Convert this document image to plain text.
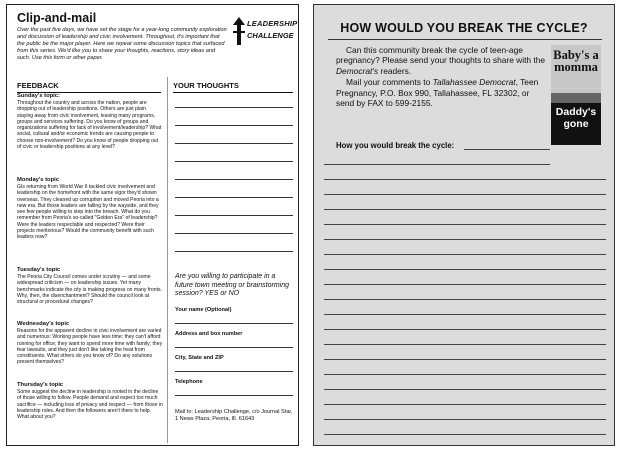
Clip-and-mail
Over the past five days, we have set the stage for a year-long community exploration and discussion of leadership and civic involvement. Throughout, it's important that the public be the major player. Here we repeat some discussion topics that surfaced from this series. We'd like you to share your thoughts, reactions, story ideas and such. Use this form or other paper.
LEADERSHIP
CHALLENGE
FEEDBACK	YOUR THOUGHTS
Sunday's topic:
Throughout the country and across the nation, people are dropping out of leadership positions. Others are just plain staying away from civic involvement, leaving many programs, groups and services suffering. Do you know of groups and organizations suffering for lack of involvement/leadership? What social, cultural and/or economic trends are causing people to choose non-involvement? Do you know of people dropping out of civic or leadership positions at any level?
Monday's topic
GIs returning from World War II tackled civic involvement and leadership on the homefront with the same vigor they'd shown overseas. They cleaned up corruption and moved Peoria into a new era. But those leaders are falling by the wayside, and they see few people willing to step into the breach. What do you remember from Peoria's so-called "Golden Era" of leadership? Were the leaders respectable and respected? Were their projects meritorious? Would the community benefit with such leaders now?
Tuesday's topic
The Peoria City Council comes under scrutiny — and some widespread criticism — on leadership issues. Yet many benchmarks indicate the city is making progress on many fronts. Why, then, the disenchantment? Should the council look at structural or procedural changes?
Wednesday's topic
Reasons for the apparent decline in civic involvement are varied and numerous: Working people have less time; they can't afford running for office; they want to spend more time with family; they fear lawsuits, and they just don't like taking the heat from constituents. What others do you know of? Do any solutions present themselves?
Thursday's topic
Some suggest the decline in leadership is rooted in the decline of those willing to follow. People demand and expect too much sacrifice — including loss of privacy and respect — from those in leadership roles. And then the followers aren't there to help. What about you?
Are you willing to participate in a future town meeting or brainstorming session? YES or NO
Your name (Optional)
Address and box number
City, State and ZIP
Telephone
Mail to: Leadership Challenge, c/o Journal Star, 1 News Plaza, Peoria, Ill. 61643
HOW WOULD YOU BREAK THE CYCLE?

Can this community break the cycle of teen-age pregnancy? Please send your thoughts to share with the Democrat's readers.

Mail your comments to Tallahassee Democrat, Teen Pregnancy, P.O. Box 990, Tallahassee, FL 32302, or send by FAX to 599-2155.

Baby's a momma
Daddy's gone
How you would break the cycle:
